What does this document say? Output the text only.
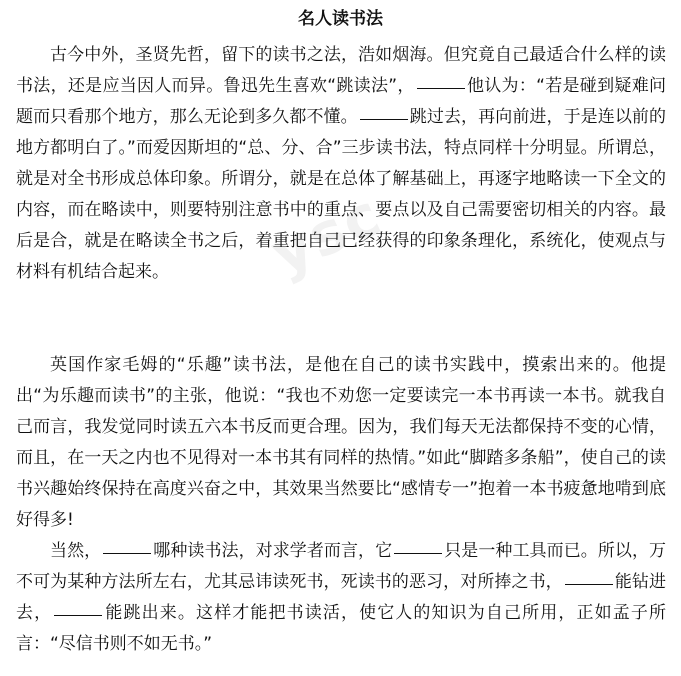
ysc
名人读书法

古今中外，圣贤先哲，留下的读书之法，浩如烟海。但究竟自己最适合什么样的读书法，还是应当因人而异。鲁迅先生喜欢“跳读法”，	他认为：“若是碰到疑难问题而只看那个地方，那么无论到多久都不懂。	跳过去，再向前进，于是连以前的地方都明白了。”而爱因斯坦的“总、分、合”三步读书法，特点同样十分明显。所谓总，就是对全书形成总体印象。所谓分，就是在总体了解基础上，再逐字地略读一下全文的内容，而在略读中，则要特别注意书中的重点、要点以及自己需要密切相关的内容。最后是合，就是在略读全书之后，着重把自己已经获得的印象条理化，系统化，使观点与材料有机结合起来。

英国作家毛姆的“乐趣”读书法，是他在自己的读书实践中，摸索出来的。他提出“为乐趣而读书”的主张，他说：“我也不劝您一定要读完一本书再读一本书。就我自己而言，我发觉同时读五六本书反而更合理。因为，我们每天无法都保持不变的心情，而且，在一天之内也不见得对一本书其有同样的热情。”如此“脚踏多条船”，使自己的读书兴趣始终保持在高度兴奋之中，其效果当然要比“感情专一”抱着一本书疲惫地啃到底好得多!

当然，	哪种读书法，对求学者而言，它	只是一种工具而已。所以，万不可为某种方法所左右，尤其忌讳读死书，死读书的恶习，对所捧之书，	能钻进去，	能跳出来。这样才能把书读活，使它人的知识为自己所用，正如孟子所言：“尽信书则不如无书。”
